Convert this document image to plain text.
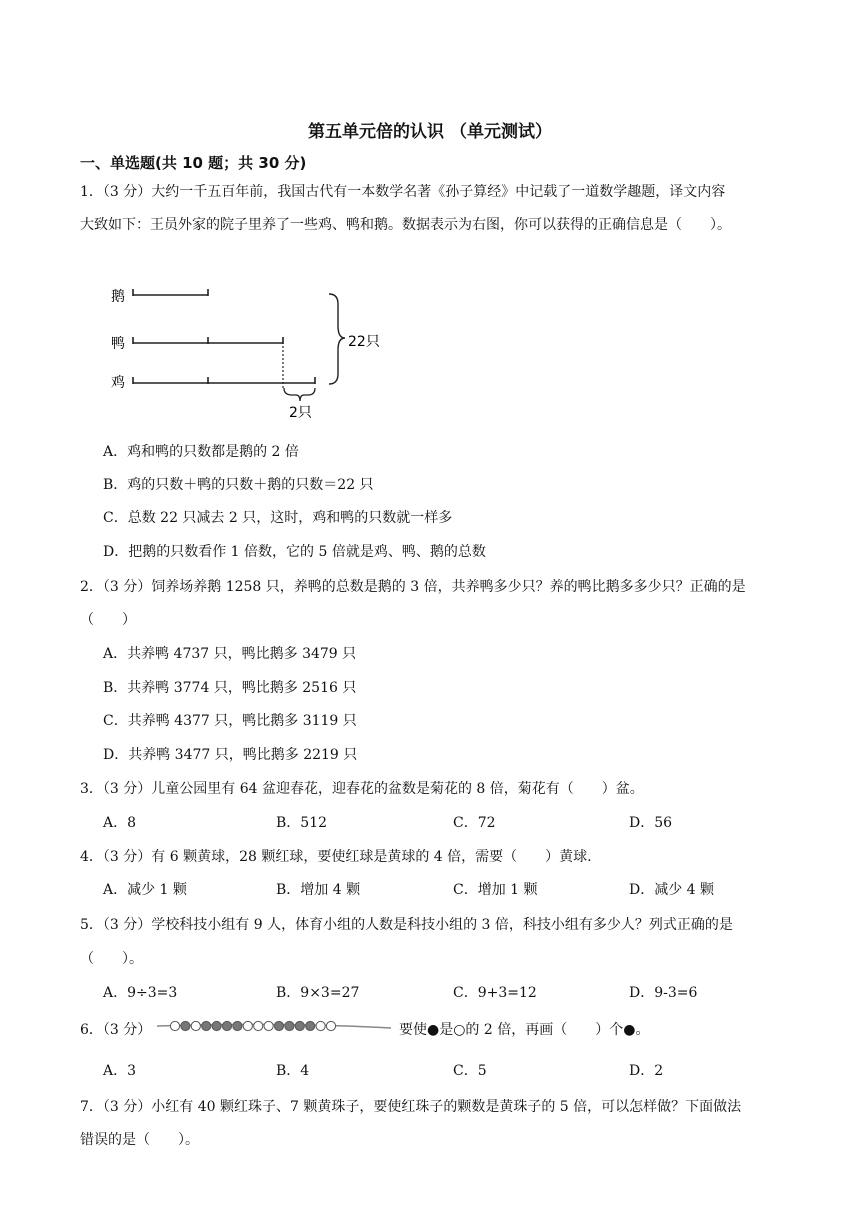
第五单元倍的认识 （单元测试）
一、单选题(共 10 题；共 30 分)
1．（3 分）大约一千五百年前，我国古代有一本数学名著《孙子算经》中记载了一道数学趣题，译文内容
大致如下：王员外家的院子里养了一些鸡、鸭和鹅。数据表示为右图，你可以获得的正确信息是（　　）。
鹅
鸭
鸡
2只
22只
A．鸡和鸭的只数都是鹅的 2 倍
B．鸡的只数＋鸭的只数＋鹅的只数＝22 只
C．总数 22 只减去 2 只，这时，鸡和鸭的只数就一样多
D．把鹅的只数看作 1 倍数，它的 5 倍就是鸡、鸭、鹅的总数
2．（3 分）饲养场养鹅 1258 只，养鸭的总数是鹅的 3 倍，共养鸭多少只？养的鸭比鹅多多少只？正确的是
（　　）
A．共养鸭 4737 只，鸭比鹅多 3479 只
B．共养鸭 3774 只，鸭比鹅多 2516 只
C．共养鸭 4377 只，鸭比鹅多 3119 只
D．共养鸭 3477 只，鸭比鹅多 2219 只
3．（3 分）儿童公园里有 64 盆迎春花，迎春花的盆数是菊花的 8 倍，菊花有（　　）盆。
A．8	B．512	C．72	D．56
4．（3 分）有 6 颗黄球，28 颗红球，要使红球是黄球的 4 倍，需要（　　）黄球.
A．减少 1 颗	B．增加 4 颗	C．增加 1 颗	D．减少 4 颗
5．（3 分）学校科技小组有 9 人，体育小组的人数是科技小组的 3 倍，科技小组有多少人？列式正确的是
（　　）。
A．9÷3=3	B．9×3=27	C．9+3=12	D．9-3=6
6．（3 分）	要使●是○的 2 倍，再画（　　）个●。
A．3	B．4	C．5	D．2
7．（3 分）小红有 40 颗红珠子、7 颗黄珠子，要使红珠子的颗数是黄珠子的 5 倍，可以怎样做？下面做法
错误的是（　　）。
